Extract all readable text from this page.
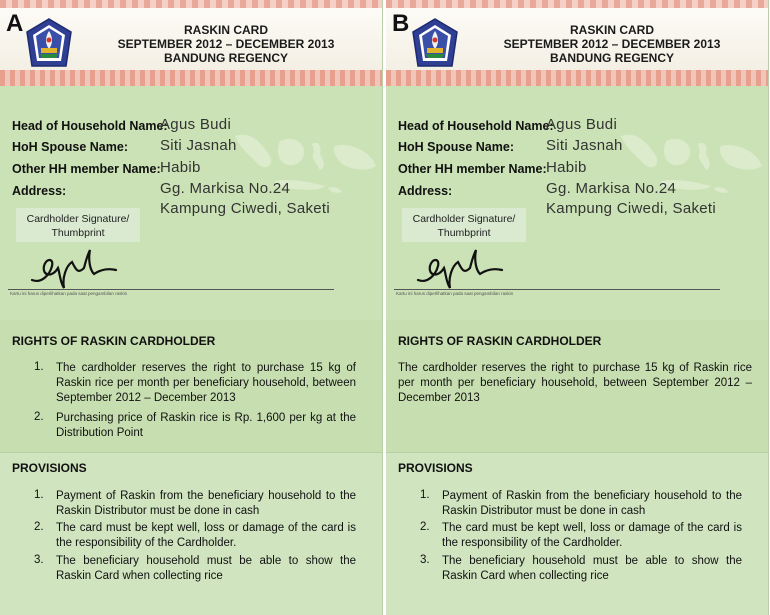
A	RASKIN CARD
SEPTEMBER 2012 – DECEMBER 2013
BANDUNG REGENCY
Head of Household Name:
Agus Budi
HoH Spouse Name: Siti Jasnah
Other HH member Name: Habib
Address:	Gg. Markisa No.24
Kampung Ciwedi, Saketi
Cardholder Signature/
Thumbprint
Kartu ini harus diperlihatkan pada saat pengambilan raskin
RIGHTS OF RASKIN CARDHOLDER
1. The cardholder reserves the right to purchase 15 kg of Raskin rice per month per beneficiary household, between September 2012 – December 2013
2. Purchasing price of Raskin rice is Rp. 1,600 per kg at the Distribution Point
PROVISIONS
1. Payment of Raskin from the beneficiary household to the Raskin Distributor must be done in cash
2. The card must be kept well, loss or damage of the card is the responsibility of the Cardholder.
3. The beneficiary household must be able to show the Raskin Card when collecting rice
B	RASKIN CARD
SEPTEMBER 2012 – DECEMBER 2013
BANDUNG REGENCY
Head of Household Name:
Agus Budi
HoH Spouse Name: Siti Jasnah
Other HH member Name: Habib
Address:	Gg. Markisa No.24
Kampung Ciwedi, Saketi
Cardholder Signature/
Thumbprint
Kartu ini harus diperlihatkan pada saat pengambilan raskin
RIGHTS OF RASKIN CARDHOLDER
The cardholder reserves the right to purchase 15 kg of Raskin rice per month per beneficiary household, between September 2012 – December 2013
PROVISIONS
1. Payment of Raskin from the beneficiary household to the Raskin Distributor must be done in cash
2. The card must be kept well, loss or damage of the card is the responsibility of the Cardholder.
3. The beneficiary household must be able to show the Raskin Card when collecting rice
